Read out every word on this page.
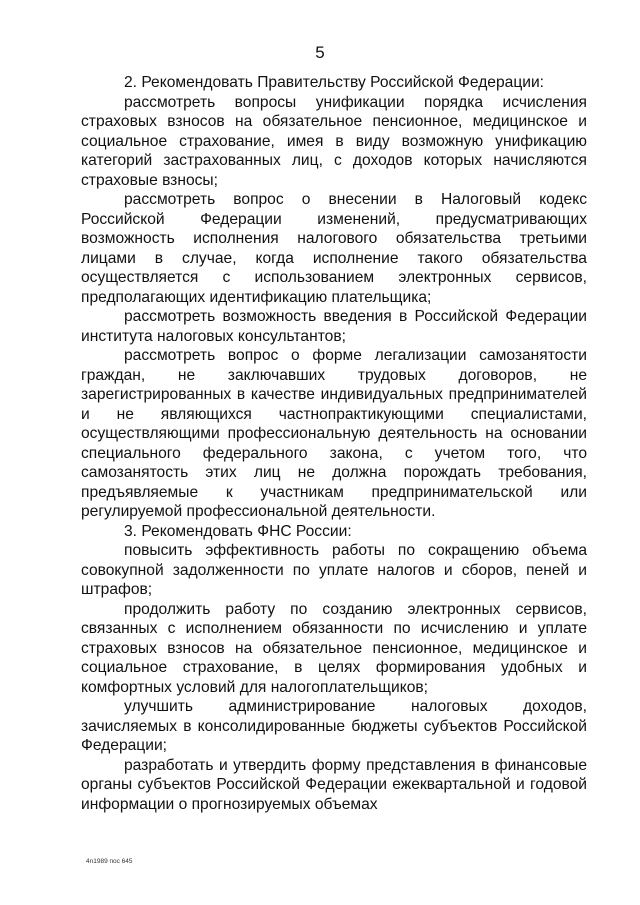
5

2. Рекомендовать Правительству Российской Федерации:

рассмотреть вопросы унификации порядка исчисления страховых взносов на обязательное пенсионное, медицинское и социальное страхование, имея в виду возможную унификацию категорий застрахованных лиц, с доходов которых начисляются страховые взносы;

рассмотреть вопрос о внесении в Налоговый кодекс Российской Федерации изменений, предусматривающих возможность исполнения налогового обязательства третьими лицами в случае, когда исполнение такого обязательства осуществляется с использованием электронных сервисов, предполагающих идентификацию плательщика;

рассмотреть возможность введения в Российской Федерации института налоговых консультантов;

рассмотреть вопрос о форме легализации самозанятости граждан, не заключавших трудовых договоров, не зарегистрированных в качестве индивидуальных предпринимателей и не являющихся частнопрактикующими специалистами, осуществляющими профессиональную деятельность на основании специального федерального закона, с учетом того, что самозанятость этих лиц не должна порождать требования, предъявляемые к участникам предпринимательской или регулируемой профессиональной деятельности.

3. Рекомендовать ФНС России:

повысить эффективность работы по сокращению объема совокупной задолженности по уплате налогов и сборов, пеней и штрафов;

продолжить работу по созданию электронных сервисов, связанных с исполнением обязанности по исчислению и уплате страховых взносов на обязательное пенсионное, медицинское и социальное страхование, в целях формирования удобных и комфортных условий для налогоплательщиков;

улучшить администрирование налоговых доходов, зачисляемых в консолидированные бюджеты субъектов Российской Федерации;

разработать и утвердить форму представления в финансовые органы субъектов Российской Федерации ежеквартальной и годовой информации о прогнозируемых объемах

4n1989 пос 645
